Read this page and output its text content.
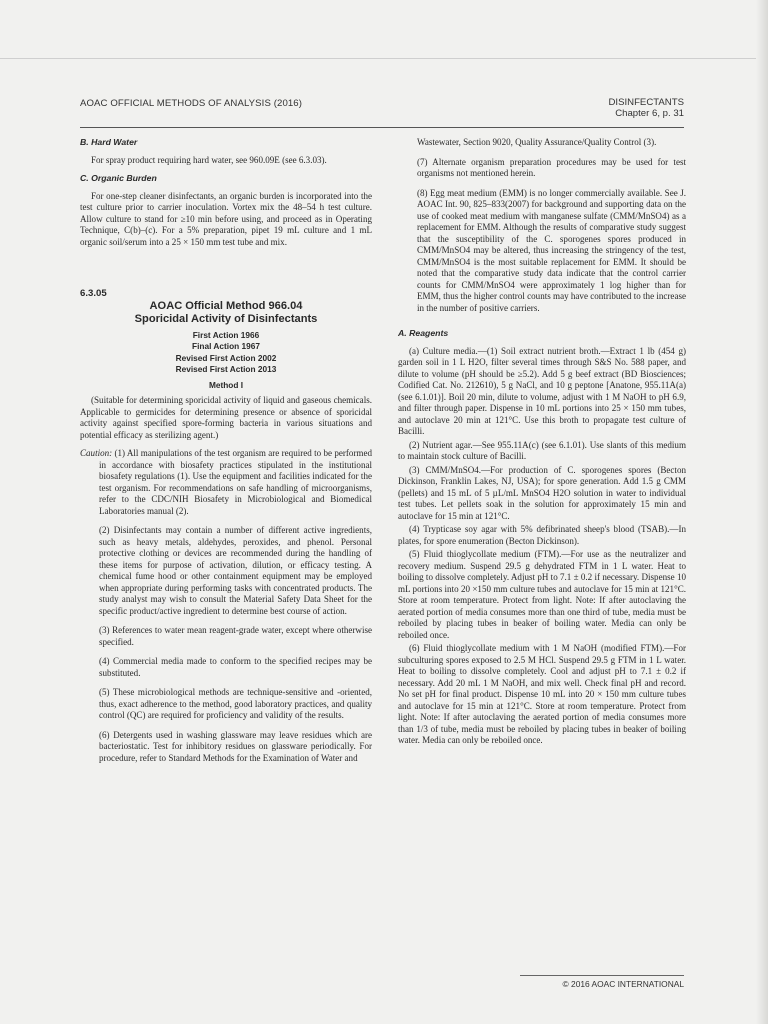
AOAC OFFICIAL METHODS OF ANALYSIS (2016)	DISINFECTANTS
Chapter 6, p. 31
B. Hard Water

For spray product requiring hard water, see 960.09E (see 6.3.03).

C. Organic Burden

For one-step cleaner disinfectants, an organic burden is incorporated into the test culture prior to carrier inoculation. Vortex mix the 48–54 h test culture. Allow culture to stand for ≥10 min before using, and proceed as in Operating Technique, C(b)–(c). For a 5% preparation, pipet 19 mL culture and 1 mL organic soil/serum into a 25 × 150 mm test tube and mix.

6.3.05
AOAC Official Method 966.04
Sporicidal Activity of Disinfectants
First Action 1966
Final Action 1967
Revised First Action 2002
Revised First Action 2013
Method I

(Suitable for determining sporicidal activity of liquid and gaseous chemicals. Applicable to germicides for determining presence or absence of sporicidal activity against specified spore-forming bacteria in various situations and potential efficacy as sterilizing agent.)

Caution: (1) All manipulations of the test organism are required to be performed in accordance with biosafety practices stipulated in the institutional biosafety regulations (1). Use the equipment and facilities indicated for the test organism. For recommendations on safe handling of microorganisms, refer to the CDC/NIH Biosafety in Microbiological and Biomedical Laboratories manual (2).

(2) Disinfectants may contain a number of different active ingredients, such as heavy metals, aldehydes, peroxides, and phenol. Personal protective clothing or devices are recommended during the handling of these items for purpose of activation, dilution, or efficacy testing. A chemical fume hood or other containment equipment may be employed when appropriate during performing tasks with concentrated products. The study analyst may wish to consult the Material Safety Data Sheet for the specific product/active ingredient to determine best course of action.

(3) References to water mean reagent-grade water, except where otherwise specified.

(4) Commercial media made to conform to the specified recipes may be substituted.

(5) These microbiological methods are technique-sensitive and -oriented, thus, exact adherence to the method, good laboratory practices, and quality control (QC) are required for proficiency and validity of the results.

(6) Detergents used in washing glassware may leave residues which are bacteriostatic. Test for inhibitory residues on glassware periodically. For procedure, refer to Standard Methods for the Examination of Water and

Wastewater, Section 9020, Quality Assurance/Quality Control (3).

(7) Alternate organism preparation procedures may be used for test organisms not mentioned herein.

(8) Egg meat medium (EMM) is no longer commercially available. See J. AOAC Int. 90, 825–833(2007) for background and supporting data on the use of cooked meat medium with manganese sulfate (CMM/MnSO4) as a replacement for EMM. Although the results of comparative study suggest that the susceptibility of the C. sporogenes spores produced in CMM/MnSO4 may be altered, thus increasing the stringency of the test, CMM/MnSO4 is the most suitable replacement for EMM. It should be noted that the comparative study data indicate that the control carrier counts for CMM/MnSO4 were approximately 1 log higher than for EMM, thus the higher control counts may have contributed to the increase in the number of positive carriers.

A. Reagents

(a) Culture media.—(1) Soil extract nutrient broth.—Extract 1 lb (454 g) garden soil in 1 L H2O, filter several times through S&S No. 588 paper, and dilute to volume (pH should be ≥5.2). Add 5 g beef extract (BD Biosciences; Codified Cat. No. 212610), 5 g NaCl, and 10 g peptone [Anatone, 955.11A(a) (see 6.1.01)]. Boil 20 min, dilute to volume, adjust with 1 M NaOH to pH 6.9, and filter through paper. Dispense in 10 mL portions into 25 × 150 mm tubes, and autoclave 20 min at 121°C. Use this broth to propagate test culture of Bacilli.

(2) Nutrient agar.—See 955.11A(c) (see 6.1.01). Use slants of this medium to maintain stock culture of Bacilli.

(3) CMM/MnSO4.—For production of C. sporogenes spores (Becton Dickinson, Franklin Lakes, NJ, USA); for spore generation. Add 1.5 g CMM (pellets) and 15 mL of 5 µL/mL MnSO4 H2O solution in water to individual test tubes. Let pellets soak in the solution for approximately 15 min and autoclave for 15 min at 121°C.

(4) Trypticase soy agar with 5% defibrinated sheep's blood (TSAB).—In plates, for spore enumeration (Becton Dickinson).

(5) Fluid thioglycollate medium (FTM).—For use as the neutralizer and recovery medium. Suspend 29.5 g dehydrated FTM in 1 L water. Heat to boiling to dissolve completely. Adjust pH to 7.1 ± 0.2 if necessary. Dispense 10 mL portions into 20 ×150 mm culture tubes and autoclave for 15 min at 121°C. Store at room temperature. Protect from light. Note: If after autoclaving the aerated portion of media consumes more than one third of tube, media must be reboiled by placing tubes in beaker of boiling water. Media can only be reboiled once.

(6) Fluid thioglycollate medium with 1 M NaOH (modified FTM).—For subculturing spores exposed to 2.5 M HCl. Suspend 29.5 g FTM in 1 L water. Heat to boiling to dissolve completely. Cool and adjust pH to 7.1 ± 0.2 if necessary. Add 20 mL 1 M NaOH, and mix well. Check final pH and record. No set pH for final product. Dispense 10 mL into 20 × 150 mm culture tubes and autoclave for 15 min at 121°C. Store at room temperature. Protect from light. Note: If after autoclaving the aerated portion of media consumes more than 1/3 of tube, media must be reboiled by placing tubes in beaker of boiling water. Media can only be reboiled once.

© 2016 AOAC INTERNATIONAL
